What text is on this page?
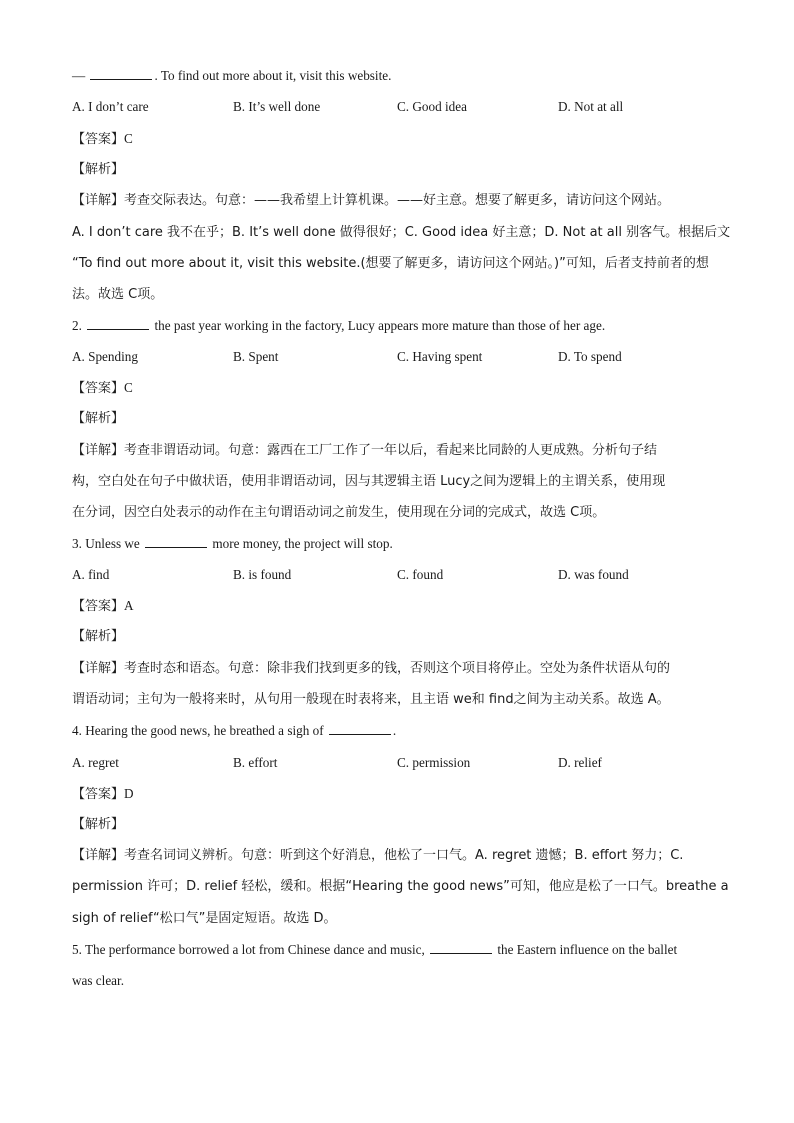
—	. To find out more about it, visit this website.
A. I don’t care	B. It’s well done	C. Good idea	D. Not at all
【答案】C
【解析】
【详解】考查交际表达。句意：——我希望上计算机课。——好主意。想要了解更多，请访问这个网站。
A. I don’t care 我不在乎；B. It’s well done 做得很好；C. Good idea 好主意；D. Not at all 别客气。根据后文
“To find out more about it, visit this website.(想要了解更多，请访问这个网站。)”可知，后者支持前者的想
法。故选 C项。
2.	the past year working in the factory, Lucy appears more mature than those of her age.
A. Spending	B. Spent	C. Having spent	D. To spend
【答案】C
【解析】
【详解】考查非谓语动词。句意：露西在工厂工作了一年以后，看起来比同龄的人更成熟。分析句子结
构，空白处在句子中做状语，使用非谓语动词，因与其逻辑主语 Lucy之间为逻辑上的主谓关系，使用现
在分词，因空白处表示的动作在主句谓语动词之前发生，使用现在分词的完成式，故选 C项。
3. Unless we	more money, the project will stop.
A. find	B. is found	C. found	D. was found
【答案】A
【解析】
【详解】考查时态和语态。句意：除非我们找到更多的钱，否则这个项目将停止。空处为条件状语从句的
谓语动词；主句为一般将来时，从句用一般现在时表将来，且主语 we和 find之间为主动关系。故选 A。
4. Hearing the good news, he breathed a sigh of	.
A. regret	B. effort	C. permission	D. relief
【答案】D
【解析】
【详解】考查名词词义辨析。句意：听到这个好消息，他松了一口气。A. regret 遗憾；B. effort 努力；C.
permission 许可；D. relief 轻松，缓和。根据“Hearing the good news”可知，他应是松了一口气。breathe a
sigh of relief“松口气”是固定短语。故选 D。
5. The performance borrowed a lot from Chinese dance and music,	the Eastern influence on the ballet
was clear.
